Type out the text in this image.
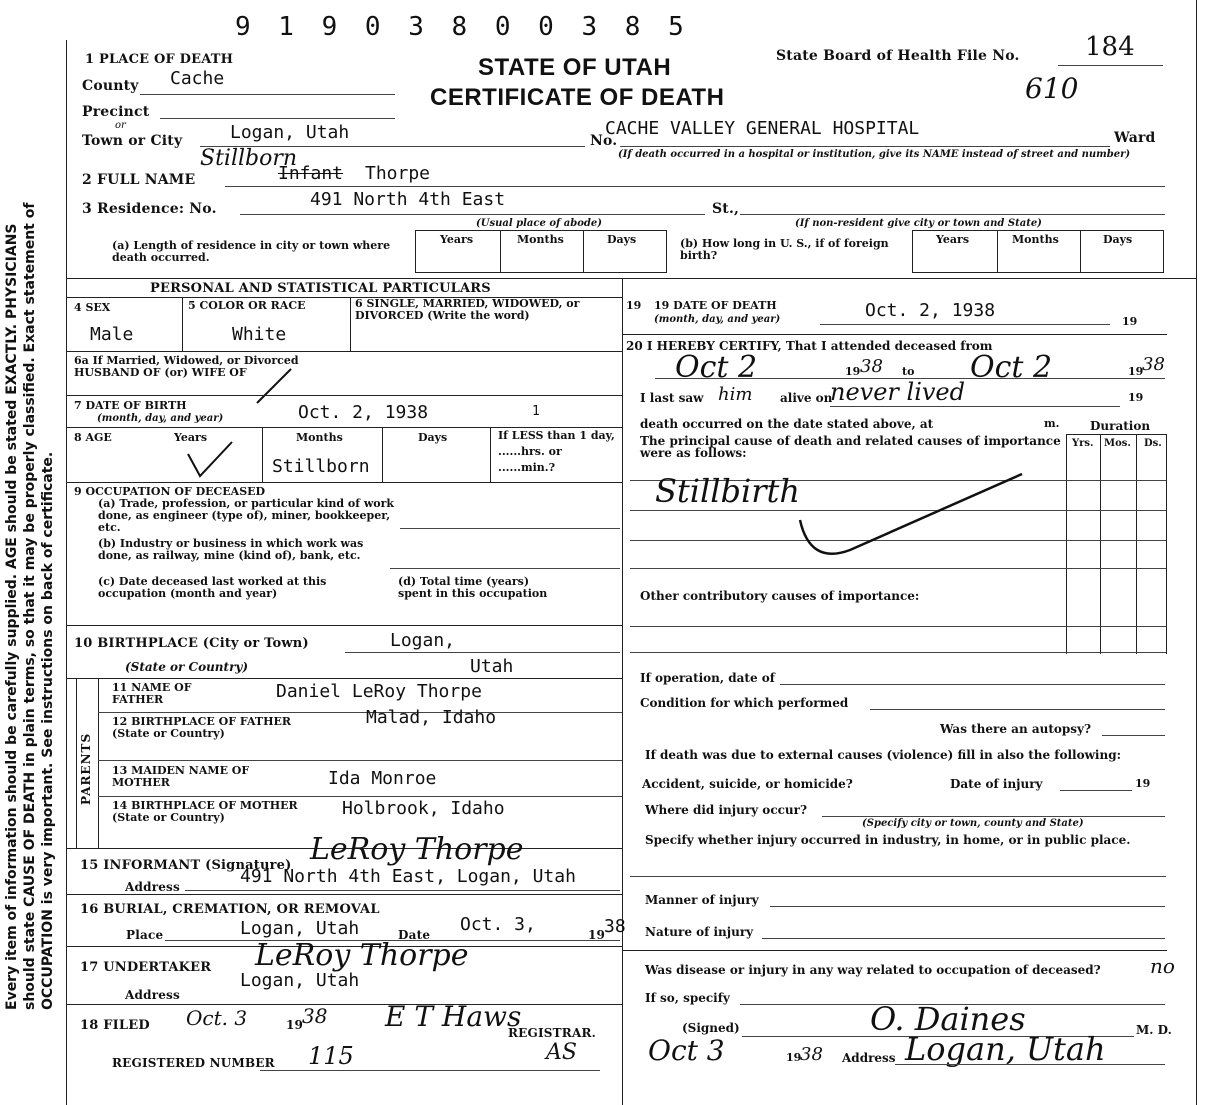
9 1 9 0 3 8 0 0 3 8 5
Every item of information should be carefully supplied. AGE should be stated EXACTLY. PHYSICIANS should state CAUSE OF DEATH in plain terms, so that it may be properly classified. Exact statement of OCCUPATION is very important. See instructions on back of certificate.
1 PLACE OF DEATH	STATE OF UTAH
CERTIFICATE OF DEATH
State Board of Health File No.	184
610
County Cache
Precinct
or
Town or City	Logan, Utah	No.
CACHE VALLEY GENERAL HOSPITAL	Ward
(If death occurred in a hospital or institution, give its NAME instead of street and number)
2 FULL NAME
Stillborn
Infant Thorpe
3 Residence: No.	491 North 4th East	St.,
(Usual place of abode)	(If non-resident give city or town and State)
Years	Months	Days
(a) Length of residence in city or town where death occurred.
Years	Months	Days
(b) How long in U. S., if of foreign birth?
PERSONAL AND STATISTICAL PARTICULARS
4 SEX
Male
5 COLOR OR RACE
White
6 SINGLE, MARRIED, WIDOWED, or DIVORCED (Write the word)
6a If Married, Widowed, or Divorced HUSBAND OF (or) WIFE OF
7 DATE OF BIRTH
(month, day, and year)	Oct. 2, 1938	1
8 AGE	Years	Months	Days
Stillborn
If LESS than 1 day, ......hrs. or ......min.?
9 OCCUPATION OF DECEASED
(a) Trade, profession, or particular kind of work done, as engineer (type of), miner, bookkeeper, etc.
(b) Industry or business in which work was done, as railway, mine (kind of), bank, etc.
(c) Date deceased last worked at this occupation (month and year)
(d) Total time (years) spent in this occupation
10 BIRTHPLACE (City or Town)	Logan,
(State or Country)	Utah
PARENTS
11 NAME OF FATHER	Daniel LeRoy Thorpe
12 BIRTHPLACE OF FATHER (State or Country)
Malad, Idaho
13 MAIDEN NAME OF MOTHER	Ida Monroe
14 BIRTHPLACE OF MOTHER (State or Country)	Holbrook, Idaho
15 INFORMANT (Signature) LeRoy Thorpe
Address	491 North 4th East, Logan, Utah
16 BURIAL, CREMATION, OR REMOVAL
Place	Logan, Utah	Date Oct. 3,	19
38
17 UNDERTAKER LeRoy Thorpe
Address
Logan, Utah
18 FILED Oct. 3	19
38 E T Haws
REGISTRAR.
REGISTERED NUMBER 115	AS
19 19 DATE OF DEATH
(month, day, and year)	Oct. 2, 1938
19
20 I HEREBY CERTIFY, That I attended deceased from
Oct 2	19 38 to Oct 2	19
38
I last saw him alive on
never lived	19
death occurred on the date stated above, at	m.
The principal cause of death and related causes of importance were as follows:
Duration
Yrs. Mos. Ds.
Stillbirth
Other contributory causes of importance:
If operation, date of
Condition for which performed
Was there an autopsy?
If death was due to external causes (violence) fill in also the following:
Accident, suicide, or homicide?	Date of injury	19
Where did injury occur?
(Specify city or town, county and State)
Specify whether injury occurred in industry, in home, or in public place.
Manner of injury
Nature of injury
Was disease or injury in any way related to occupation of deceased? no
If so, specify
(Signed)	O. Daines	M. D.
Oct 3	19
38 Address Logan, Utah
